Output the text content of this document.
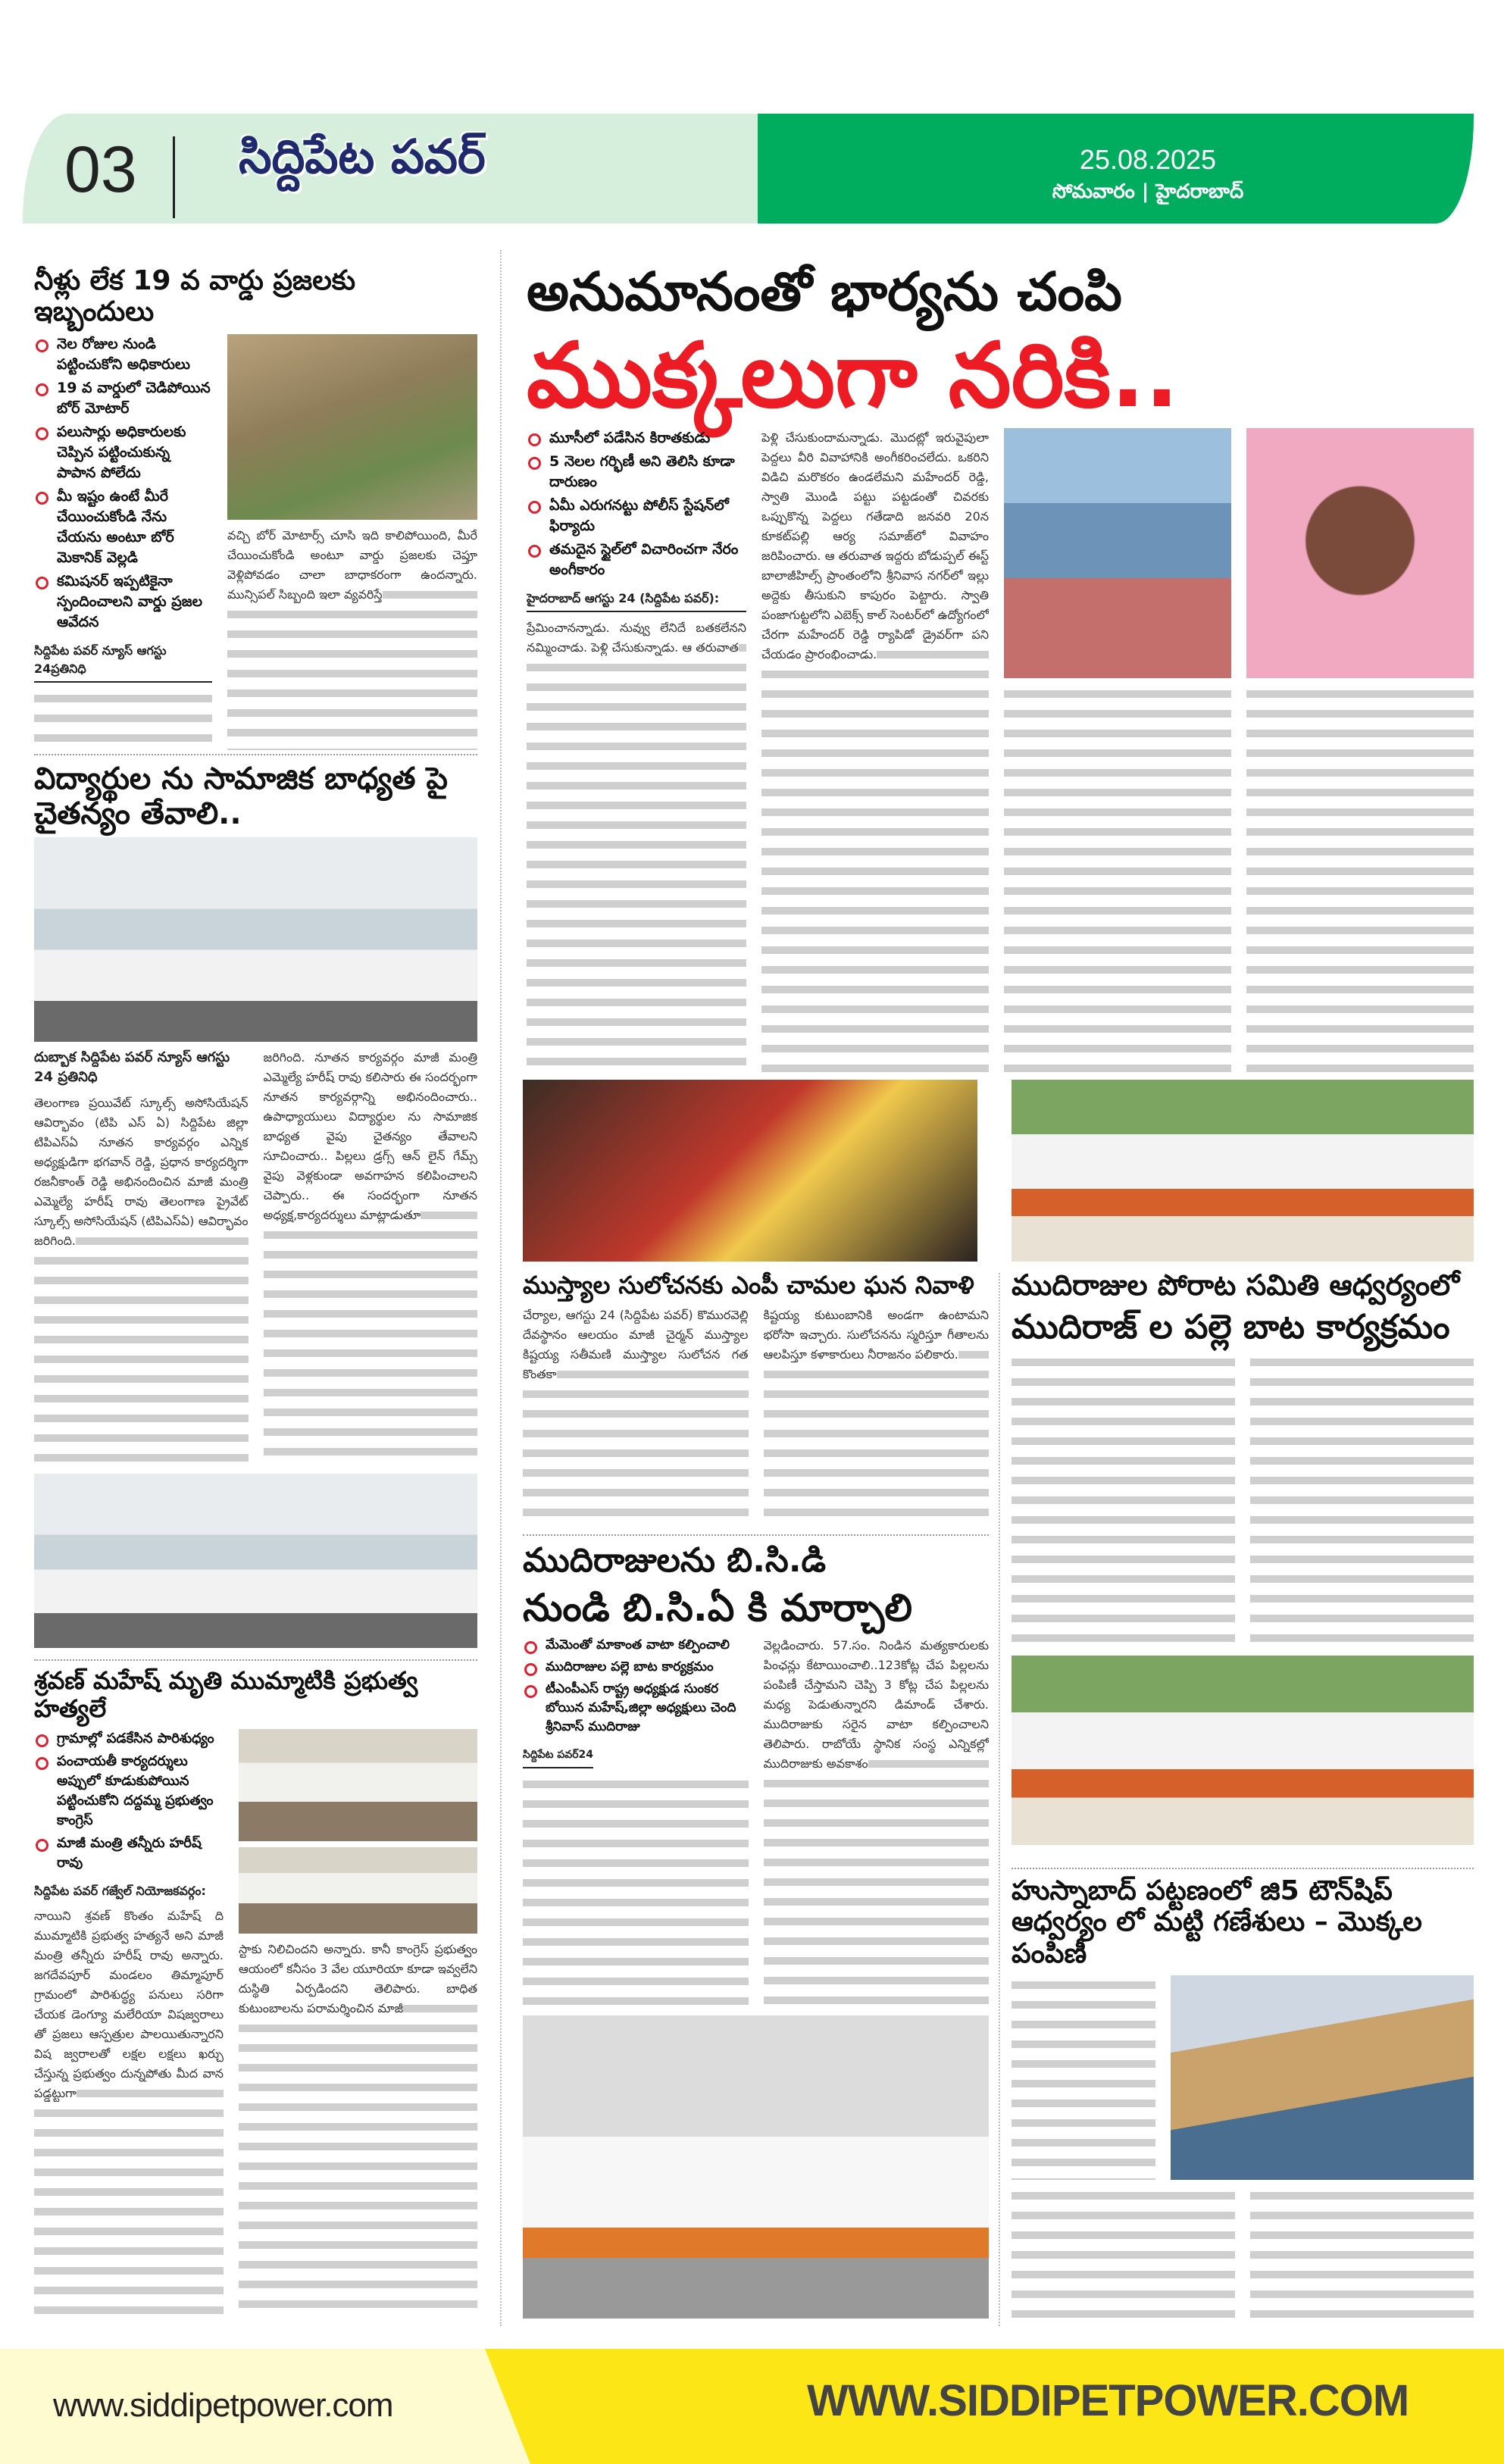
03 సిద్దిపేట పవర్	25.08.2025
సోమవారం | హైదరాబాద్
నీళ్లు లేక 19 వ వార్డు ప్రజలకు ఇబ్బందులు
నెల రోజుల నుండి పట్టించుకోని అధికారులు
19 వ వార్డులో చెడిపోయిన బోర్ మోటార్
పలుసార్లు అధికారులకు చెప్పిన పట్టించుకున్న పాపాన పోలేదు
మీ ఇష్టం ఉంటే మీరే చేయించుకోండి నేను చేయను అంటూ బోర్ మెకానిక్ వెల్లడి
కమిషనర్ ఇప్పటికైనా స్పందించాలని వార్డు ప్రజల ఆవేదన
సిద్దిపేట పవర్ న్యూస్ ఆగస్టు 24ప్రతినిధి
వచ్చి బోర్ మోటార్స్ చూసి ఇది కాలిపోయింది, మీరే చేయించుకోండి అంటూ వార్డు ప్రజలకు చెప్తూ వెళ్లిపోవడం చాలా బాధాకరంగా ఉందన్నారు. మున్సిపల్ సిబ్బంది ఇలా వ్యవరిస్తే
విద్యార్థుల ను సామాజిక బాధ్యత పై చైతన్యం తేవాలి..
దుబ్బాక సిద్దిపేట పవర్ న్యూస్ ఆగస్టు 24 ప్రతినిధి
తెలంగాణ ప్రయివేట్ స్కూల్స్ అసోసియేషన్ ఆవిర్భావం (టిపి ఎస్ ఏ) సిద్దిపేట జిల్లా టిపిఎస్ఏ నూతన కార్యవర్గం ఎన్నిక అధ్యక్షుడిగా భగవాన్ రెడ్డి, ప్రధాన కార్యదర్శిగా రజనీకాంత్ రెడ్డి అభినందించిన మాజీ మంత్రి ఎమ్మెల్యే హరీష్ రావు తెలంగాణ ప్రైవేట్ స్కూల్స్ అసోసియేషన్ (టిపిఎస్ఏ) ఆవిర్భావం జరిగింది.
జరిగింది. నూతన కార్యవర్గం మాజీ మంత్రి ఎమ్మెల్యే హరీష్ రావు కలిసారు ఈ సందర్భంగా నూతన కార్యవర్గాన్ని అభినందించారు.. ఉపాధ్యాయులు విద్యార్థుల ను సామాజిక బాధ్యత వైపు చైతన్యం తేవాలని సూచించారు.. పిల్లలు డ్రగ్స్ ఆన్ లైన్ గేమ్స్ వైపు వెళ్లకుండా అవగాహన కలిపించాలని చెప్పారు.. ఈ సందర్భంగా నూతన అధ్యక్ష,కార్యదర్శులు మాట్లాడుతూ
శ్రవణ్ మహేష్ మృతి ముమ్మాటికి ప్రభుత్వ హత్యలే
గ్రామాల్లో పడకేసిన పారిశుధ్యం
పంచాయతీ కార్యదర్శులు అప్పులో కూడుకుపోయిన పట్టించుకోని దద్దమ్మ ప్రభుత్వం కాంగ్రెస్
మాజీ మంత్రి తన్నీరు హరీష్ రావు
సిద్దిపేట పవర్ గజ్వేల్ నియోజకవర్గం:
నాయిని శ్రవణ్ కొంతం మహేష్ ది ముమ్మాటికి ప్రభుత్వ హత్యనే అని మాజీ మంత్రి తన్నీరు హరీష్ రావు అన్నారు. జగదేవపూర్ మండలం తిమ్మాపూర్ గ్రామంలో పారిశుద్ధ్య పనులు సరిగా చేయక డెంగ్యూ మలేరియా విషజ్వరాలు తో ప్రజలు ఆస్పత్రుల పాలయితున్నారని విష జ్వరాలతో లక్షల లక్షలు ఖర్చు చేస్తున్న ప్రభుత్వం దున్నపోతు మీద వాన పడ్డట్టుగా
స్టాకు నిలిచిందని అన్నారు. కానీ కాంగ్రెస్ ప్రభుత్వం ఆయంలో కనీసం 3 వేల యూరియా కూడా ఇవ్వలేని దుస్థితి ఏర్పడిందని తెలిపారు. బాధిత కుటుంబాలను పరామర్శించిన మాజీ
అనుమానంతో భార్యను చంపి
ముక్కలుగా నరికి..
మూసీలో పడేసిన కిరాతకుడు
5 నెలల గర్భిణీ అని తెలిసి కూడా దారుణం
ఏమీ ఎరుగనట్టు పోలీస్ స్టేషన్‌లో ఫిర్యాదు
తమదైన స్టైల్‌లో విచారించగా నేరం అంగీకారం
హైదరాబాద్ ఆగస్టు 24 (సిద్దిపేట పవర్):
ప్రేమించానన్నాడు. నువ్వు లేనిదే బతకలేనని నమ్మించాడు. పెళ్లి చేసుకున్నాడు. ఆ తరువాత
పెళ్లి చేసుకుందామన్నాడు. మొదట్లో ఇరువైపులా పెద్దలు వీరి వివాహానికి అంగీకరించలేదు. ఒకరిని విడిచి మరొకరం ఉండలేమని మహేందర్ రెడ్డి, స్వాతి మొండి పట్టు పట్టడంతో చివరకు ఒప్పుకొన్న పెద్దలు గతేడాది జనవరి 20న కూకట్‌పల్లి ఆర్య సమాజ్‌లో వివాహం జరిపించారు. ఆ తరువాత ఇద్దరు బోడుప్పల్ ఈస్ట్ బాలాజీహిల్స్ ప్రాంతంలోని శ్రీనివాస నగర్‌లో ఇల్లు అద్దెకు తీసుకుని కాపురం పెట్టారు. స్వాతి పంజాగుట్టలోని ఎబెక్స్ కాల్ సెంటర్‌లో ఉద్యోగంలో చేరగా మహేందర్ రెడ్డి ర్యాపిడో డ్రైవర్‌గా పని చేయడం ప్రారంభించాడు.
ముస్త్యాల సులోచనకు ఎంపీ చామల ఘన నివాళి
చేర్యాల, ఆగస్టు 24 (సిద్దిపేట పవర్) కొమురవెల్లి దేవస్థానం ఆలయం మాజీ చైర్మన్ ముస్త్యాల కిష్టయ్య సతీమణి ముస్త్యాల సులోచన గత కొంతకా
కిష్టయ్య కుటుంబానికి అండగా ఉంటామని భరోసా ఇచ్చారు. సులోచనను స్మరిస్తూ గీతాలను ఆలపిస్తూ కళాకారులు నీరాజనం పలికారు.
ముదిరాజుల పోరాట సమితి ఆధ్వర్యంలో
ముదిరాజ్ ల పల్లె బాట కార్యక్రమం
ముదిరాజులను బి.సి.డి
నుండి బి.సి.ఏ కి మార్చాలి
మేమెంతో మాకాంత వాటా కల్పించాలి
ముదిరాజుల పల్లె బాట కార్యక్రమం
టీఎంపీఎస్ రాష్ట్ర అధ్యక్షుడ సుంకర బోయిన మహేష్,జిల్లా అధ్యక్షులు చెంది శ్రీనివాస్ ముదిరాజు
సిద్దిపేట పవర్24
వెల్లడించారు. 57.సం. నిండిన మత్యకారులకు పింఛన్లు కేటాయించాలి..123కోట్ల చేప పిల్లలను పంపిణీ చేస్తామని చెప్పి 3 కోట్ల చేప పిల్లలను మధ్య పెడుతున్నారని డిమాండ్ చేశారు. ముదిరాజుకు సరైన వాటా కల్పించాలని తెలిపారు. రాబోయే స్థానిక సంస్థ ఎన్నికల్లో ముదిరాజుకు అవకాశం
హుస్నాబాద్ పట్టణంలో జి5 టౌన్‌షిప్ ఆధ్వర్యం లో మట్టి గణేశులు – మొక్కల పంపిణీ
www.siddipetpower.com	WWW.SIDDIPETPOWER.COM
